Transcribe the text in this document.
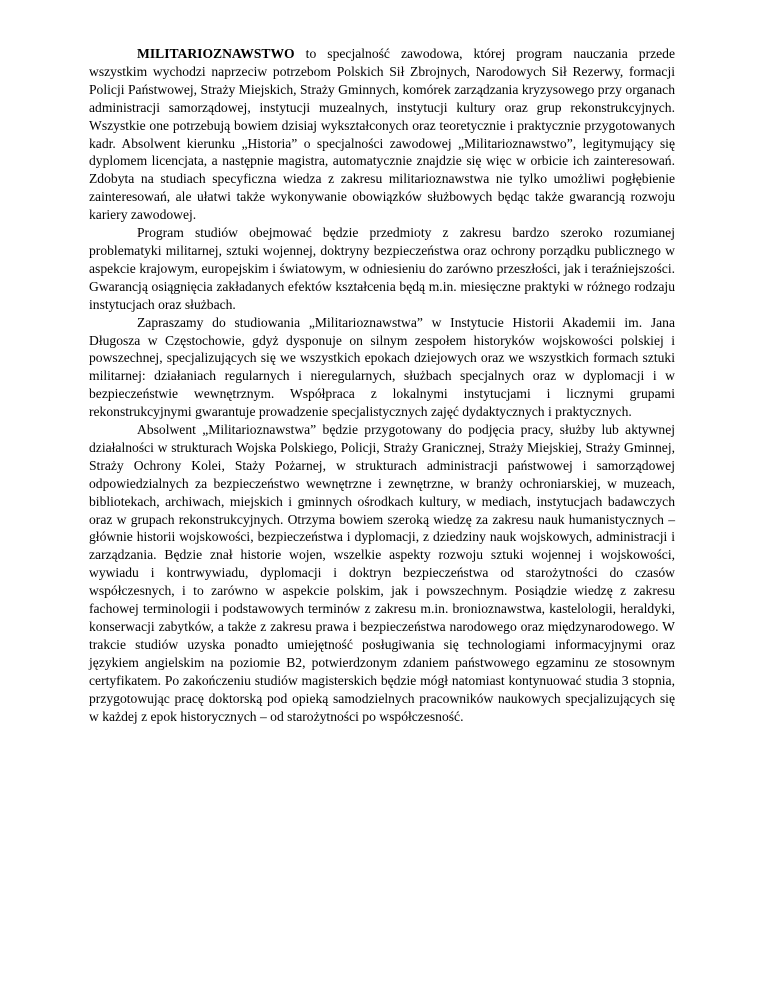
MILITARIOZNAWSTWO to specjalność zawodowa, której program nauczania przede wszystkim wychodzi naprzeciw potrzebom Polskich Sił Zbrojnych, Narodowych Sił Rezerwy, formacji Policji Państwowej, Straży Miejskich, Straży Gminnych, komórek zarządzania kryzysowego przy organach administracji samorządowej, instytucji muzealnych, instytucji kultury oraz grup rekonstrukcyjnych. Wszystkie one potrzebują bowiem dzisiaj wykształconych oraz teoretycznie i praktycznie przygotowanych kadr. Absolwent kierunku „Historia” o specjalności zawodowej „Militarioznawstwo”, legitymujący się dyplomem licencjata, a następnie magistra, automatycznie znajdzie się więc w orbicie ich zainteresowań. Zdobyta na studiach specyficzna wiedza z zakresu militarioznawstwa nie tylko umożliwi pogłębienie zainteresowań, ale ułatwi także wykonywanie obowiązków służbowych będąc także gwarancją rozwoju kariery zawodowej.

Program studiów obejmować będzie przedmioty z zakresu bardzo szeroko rozumianej problematyki militarnej, sztuki wojennej, doktryny bezpieczeństwa oraz ochrony porządku publicznego w aspekcie krajowym, europejskim i światowym, w odniesieniu do zarówno przeszłości, jak i teraźniejszości. Gwarancją osiągnięcia zakładanych efektów kształcenia będą m.in. miesięczne praktyki w różnego rodzaju instytucjach oraz służbach.

Zapraszamy do studiowania „Militarioznawstwa” w Instytucie Historii Akademii im. Jana Długosza w Częstochowie, gdyż dysponuje on silnym zespołem historyków wojskowości polskiej i powszechnej, specjalizujących się we wszystkich epokach dziejowych oraz we wszystkich formach sztuki militarnej: działaniach regularnych i nieregularnych, służbach specjalnych oraz w dyplomacji i w bezpieczeństwie wewnętrznym. Współpraca z lokalnymi instytucjami i licznymi grupami rekonstrukcyjnymi gwarantuje prowadzenie specjalistycznych zajęć dydaktycznych i praktycznych.

Absolwent „Militarioznawstwa” będzie przygotowany do podjęcia pracy, służby lub aktywnej działalności w strukturach Wojska Polskiego, Policji, Straży Granicznej, Straży Miejskiej, Straży Gminnej, Straży Ochrony Kolei, Staży Pożarnej, w strukturach administracji państwowej i samorządowej odpowiedzialnych za bezpieczeństwo wewnętrzne i zewnętrzne, w branży ochroniarskiej, w muzeach, bibliotekach, archiwach, miejskich i gminnych ośrodkach kultury, w mediach, instytucjach badawczych oraz w grupach rekonstrukcyjnych. Otrzyma bowiem szeroką wiedzę za zakresu nauk humanistycznych – głównie historii wojskowości, bezpieczeństwa i dyplomacji, z dziedziny nauk wojskowych, administracji i zarządzania. Będzie znał historie wojen, wszelkie aspekty rozwoju sztuki wojennej i wojskowości, wywiadu i kontrwywiadu, dyplomacji i doktryn bezpieczeństwa od starożytności do czasów współczesnych, i to zarówno w aspekcie polskim, jak i powszechnym. Posiądzie wiedzę z zakresu fachowej terminologii i podstawowych terminów z zakresu m.in. bronioznawstwa, kastelologii, heraldyki, konserwacji zabytków, a także z zakresu prawa i bezpieczeństwa narodowego oraz międzynarodowego. W trakcie studiów uzyska ponadto umiejętność posługiwania się technologiami informacyjnymi oraz językiem angielskim na poziomie B2, potwierdzonym zdaniem państwowego egzaminu ze stosownym certyfikatem. Po zakończeniu studiów magisterskich będzie mógł natomiast kontynuować studia 3 stopnia, przygotowując pracę doktorską pod opieką samodzielnych pracowników naukowych specjalizujących się w każdej z epok historycznych – od starożytności po współczesność.
